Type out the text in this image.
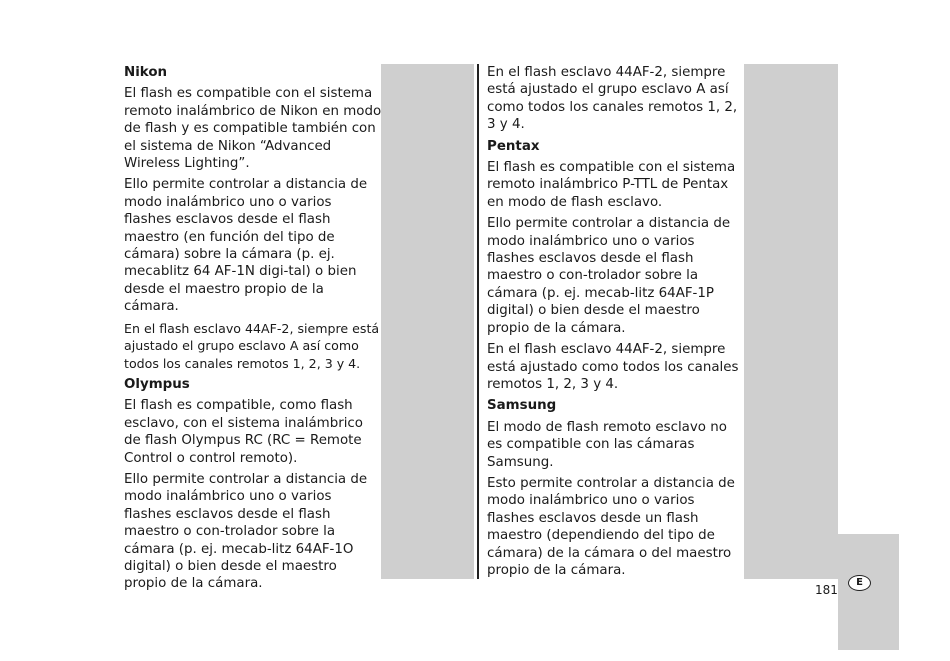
Nikon

El flash es compatible con el sistema remoto inalámbrico de Nikon en modo de flash y es compatible también con el sistema de Nikon “Advanced Wireless Lighting”.

Ello permite controlar a distancia de modo inalámbrico uno o varios flashes esclavos desde el flash maestro (en función del tipo de cámara) sobre la cámara (p. ej. mecablitz 64 AF-1N digi-tal) o bien desde el maestro propio de la cámara.

En el flash esclavo 44AF-2, siempre está ajustado el grupo esclavo A así como todos los canales remotos 1, 2, 3 y 4.

Olympus

El flash es compatible, como flash esclavo, con el sistema inalámbrico de flash Olympus RC (RC = Remote Control o control remoto).

Ello permite controlar a distancia de modo inalámbrico uno o varios flashes esclavos desde el flash maestro o con-trolador sobre la cámara (p. ej. mecab-litz 64AF-1O digital) o bien desde el maestro propio de la cámara.

En el flash esclavo 44AF-2, siempre está ajustado el grupo esclavo A así como todos los canales remotos 1, 2, 3 y 4.

Pentax

El flash es compatible con el sistema remoto inalámbrico P-TTL de Pentax en modo de flash esclavo.

Ello permite controlar a distancia de modo inalámbrico uno o varios flashes esclavos desde el flash maestro o con-trolador sobre la cámara (p. ej. mecab-litz 64AF-1P

digital) o bien desde el maestro propio de la cámara.

En el flash esclavo 44AF-2, siempre está ajustado como todos los canales remotos 1, 2, 3 y 4.

Samsung

El modo de flash remoto esclavo no es compatible con las cámaras Samsung.

Esto permite controlar a distancia de modo inalámbrico uno o varios flashes esclavos desde un flash maestro (dependiendo del tipo de cámara) de la cámara o del maestro propio de la cámara.

181
E
